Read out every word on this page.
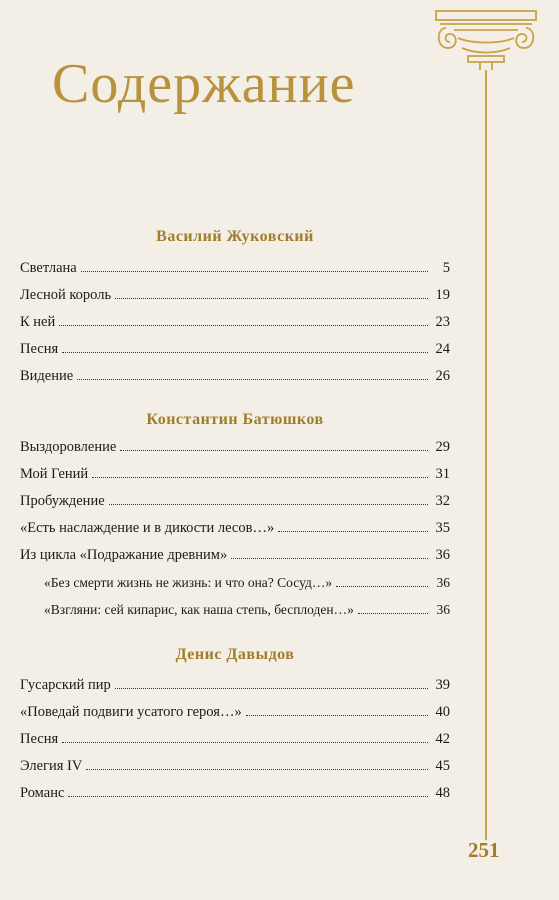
Содержание
Василий Жуковский
Светлана	5
Лесной король	19
К ней	23
Песня	24
Видение	26
Константин Батюшков
Выздоровление	29
Мой Гений	31
Пробуждение	32
«Есть наслаждение и в дикости лесов…»	35
Из цикла «Подражание древним»	36
«Без смерти жизнь не жизнь: и что она? Сосуд…»	36
«Взгляни: сей кипарис, как наша степь, бесплоден…»	36
Денис Давыдов
Гусарский пир	39
«Поведай подвиги усатого героя…»	40
Песня	42
Элегия IV	45
Романс	48
251
